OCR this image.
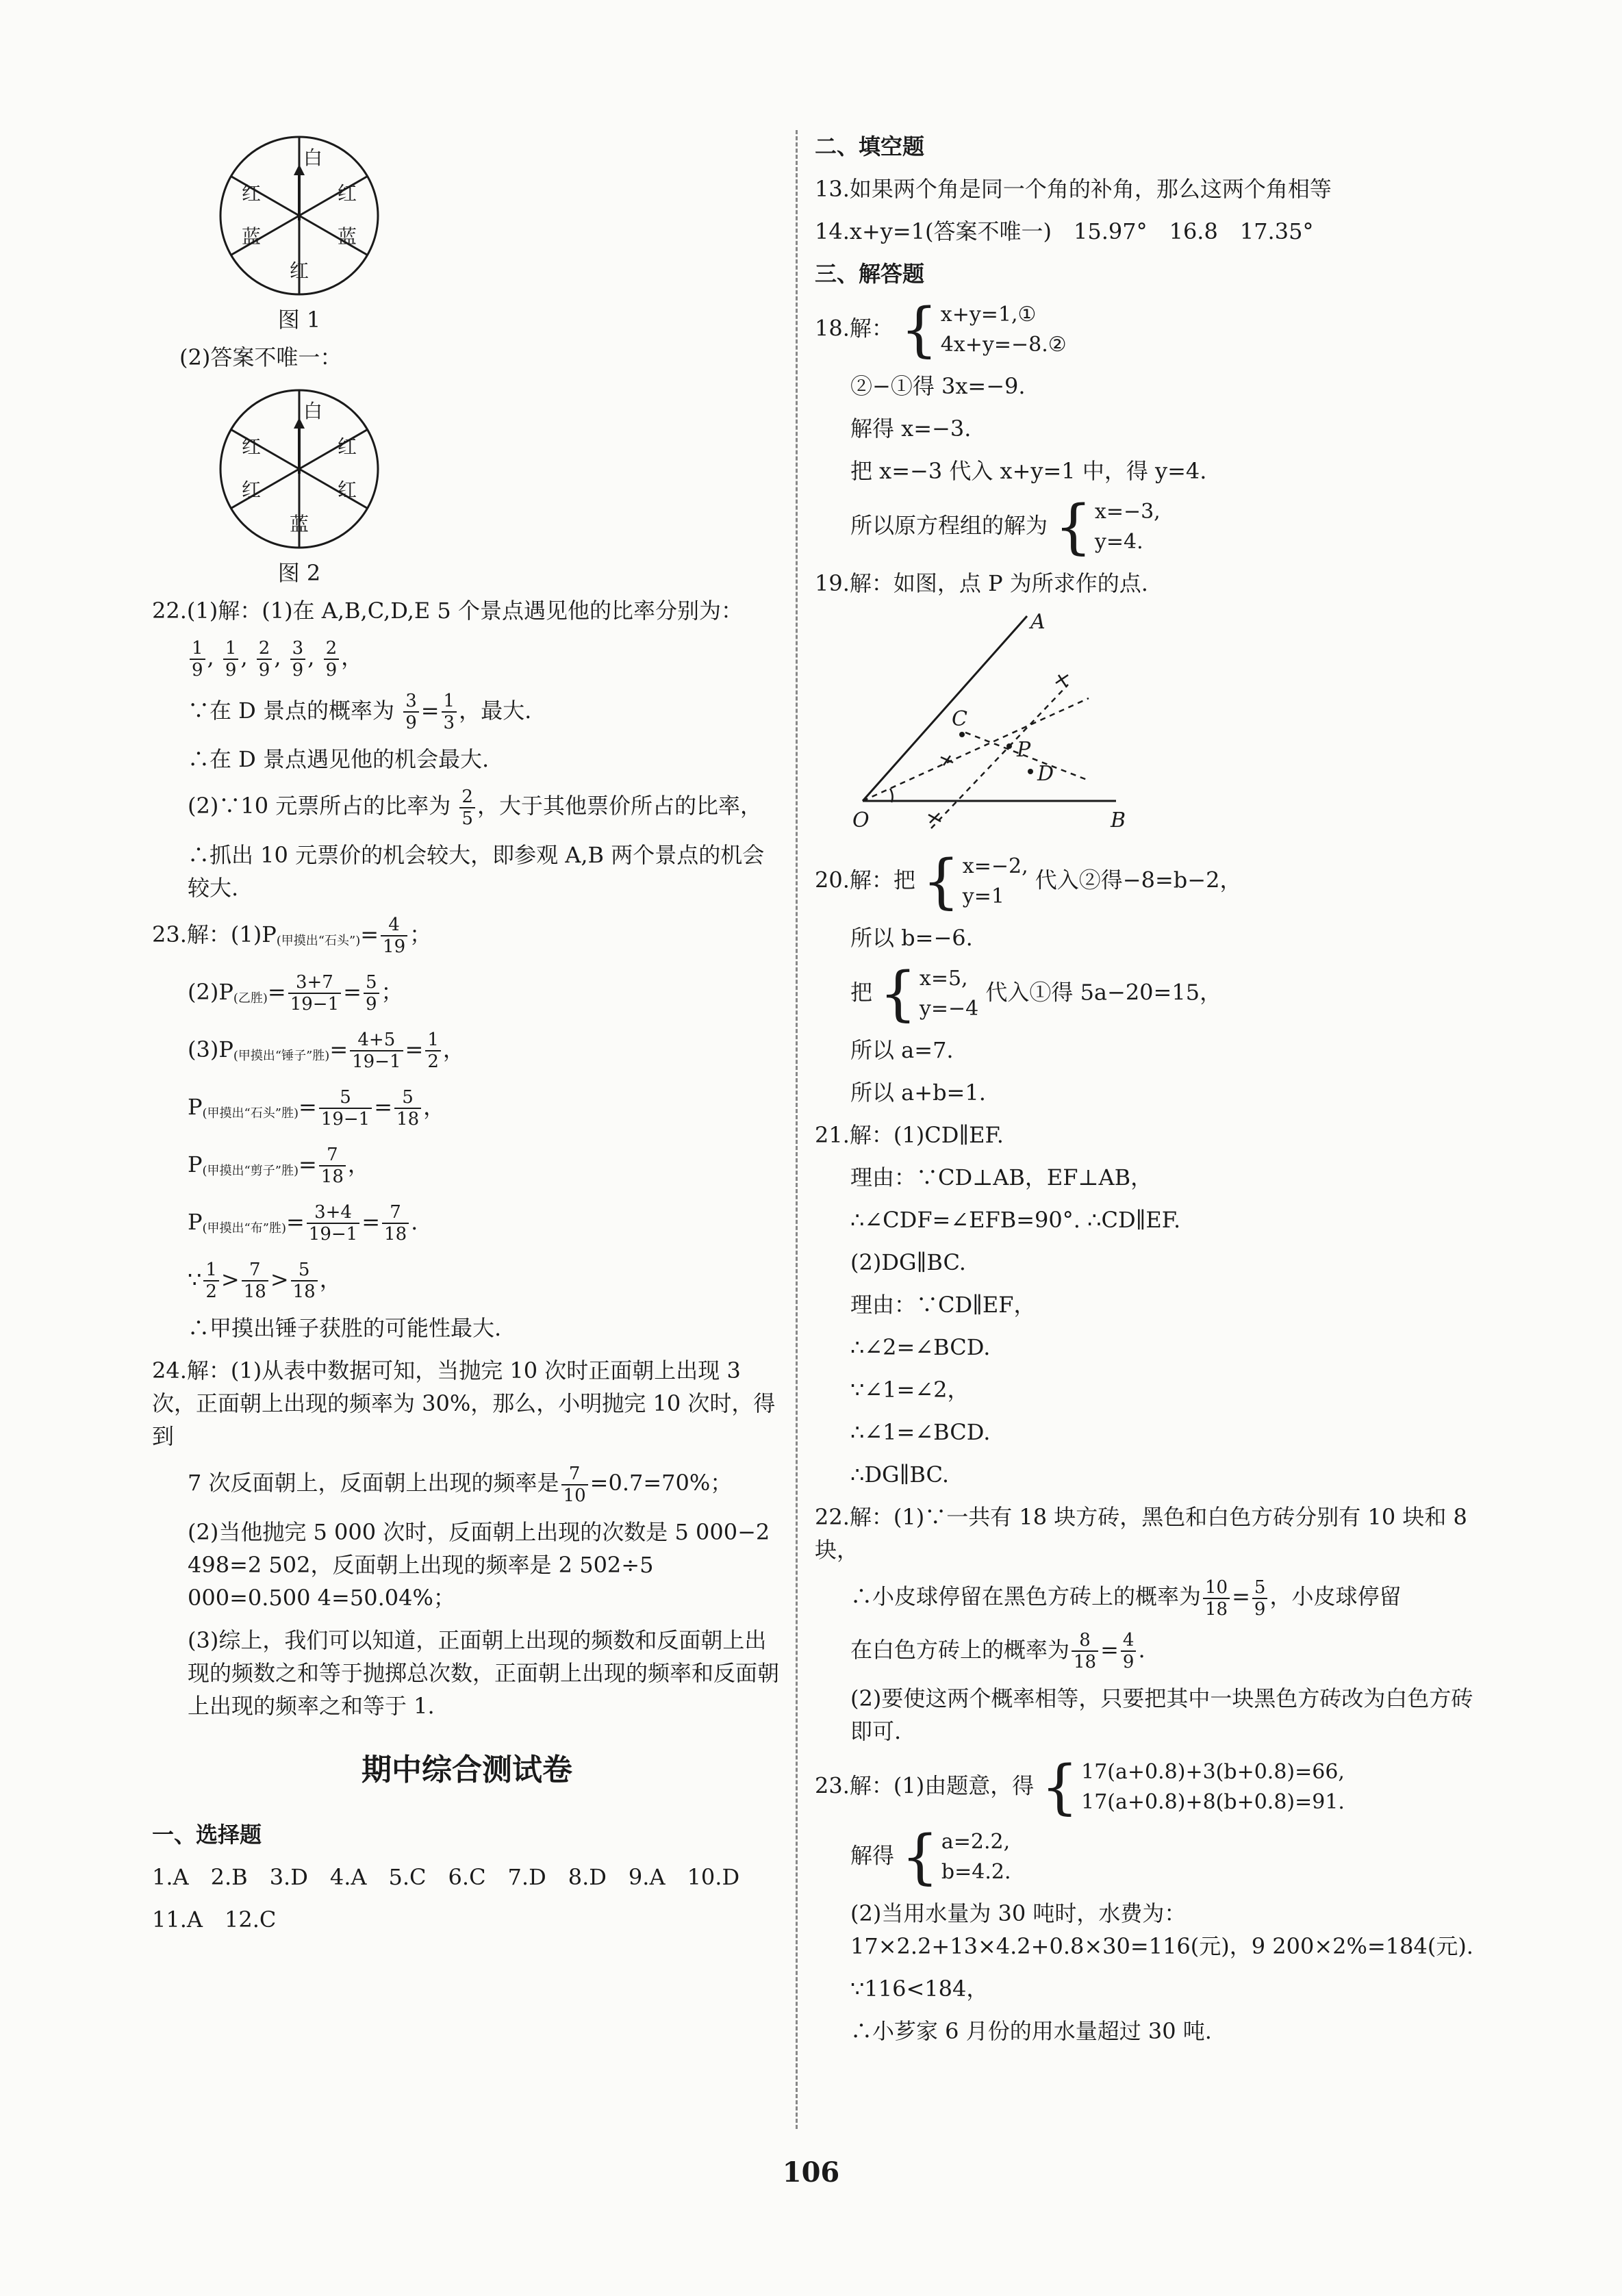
白
红	红
蓝	蓝
红
图 1
(2)答案不唯一：
白
红	红
红	红
蓝
图 2
22.(1)解：(1)在 A,B,C,D,E 5 个景点遇见他的比率分别为：
$\frac{1}{9}$ , $\frac{1}{9}$ , $\frac{2}{9}$ , $\frac{3}{9}$ , $\frac{2}{9}$ ，
∵在 D 景点的概率为 $\frac{3}{9} = \frac{1}{3}$ ，最大.
∴在 D 景点遇见他的机会最大.
(2)∵10 元票所占的比率为 $\frac{2}{5}$ ，大于其他票价所占的比率，
∴抓出 10 元票价的机会较大，即参观 A,B 两个景点的机会较大.
23.解：$(1)P_{(甲摸出“石头”)}= \frac{4}{19}$ ；
$(2)P_{(乙胜)}= \frac{3+7}{19-1} = \frac{5}{9}$ ；
$(3)P_{(甲摸出“锤子”胜)}= \frac{4+5}{19-1} = \frac{1}{2}$ ，
$P_{(甲摸出“石头”胜)}= \frac{5}{19-1} = \frac{5}{18}$ ，
$P_{(甲摸出“剪子”胜)}= \frac{7}{18}$ ，
$P_{(甲摸出“布”胜)}= \frac{3+4}{19-1} = \frac{7}{18}$ .
∵ $\frac{1}{2} > \frac{7}{18} > \frac{5}{18}$ ，
∴甲摸出锤子获胜的可能性最大.
24.解：(1)从表中数据可知，当抛完 10 次时正面朝上出现 3 次，正面朝上出现的频率为 30%，那么，小明抛完 10 次时，得到
7 次反面朝上，反面朝上出现的频率是 $\frac{7}{10} =0.7=70\%$；
(2)当他抛完 5 000 次时，反面朝上出现的次数是 5 000−2 498=2 502，反面朝上出现的频率是 2 502÷5 000=0.500 4=50.04%；
(3)综上，我们可以知道，正面朝上出现的频数和反面朝上出现的频数之和等于抛掷总次数，正面朝上出现的频率和反面朝上出现的频率之和等于 1.
期中综合测试卷
一、选择题
1.A　2.B　3.D　4.A　5.C　6.C　7.D　8.D　9.A　10.D
11.A　12.C
二、填空题
13.如果两个角是同一个角的补角，那么这两个角相等
14.x+y=1(答案不唯一)　15.97°　16.8　17.35°
三、解答题
18.解： { x+y=1,①
4x+y=−8.②
②−①得 3x=−9.
解得 x=−3.
把 x=−3 代入 x+y=1 中，得 y=4.
所以原方程组的解为 { x=−3,
y=4.
19.解：如图，点 P 为所求作的点.
A
C
P
D
O	B
20.解：把 { x=−2,
y=1
代入②得−8=b−2，
所以 b=−6.
把 { x=5,
y=−4
代入①得 5a−20=15，
所以 a=7.
所以 a+b=1.
21.解：(1)CD∥EF.
理由：∵CD⊥AB，EF⊥AB，
∴∠CDF=∠EFB=90°. ∴CD∥EF.
(2)DG∥BC.
理由：∵CD∥EF，
∴∠2=∠BCD.
∵∠1=∠2，
∴∠1=∠BCD.
∴DG∥BC.
22.解：(1)∵一共有 18 块方砖，黑色和白色方砖分别有 10 块和 8 块，
∴小皮球停留在黑色方砖上的概率为 $\frac{10}{18} = \frac{5}{9}$ ，小皮球停留
在白色方砖上的概率为 $\frac{8}{18} = \frac{4}{9}$ .
(2)要使这两个概率相等，只要把其中一块黑色方砖改为白色方砖即可.
23.解：(1)由题意，得 { 17(a+0.8)+3(b+0.8)=66,
17(a+0.8)+8(b+0.8)=91.
解得 { a=2.2,
b=4.2.
(2)当用水量为 30 吨时，水费为：17×2.2+13×4.2+0.8×30=116(元)，9 200×2%=184(元).
∵116<184，
∴小芗家 6 月份的用水量超过 30 吨.
106
